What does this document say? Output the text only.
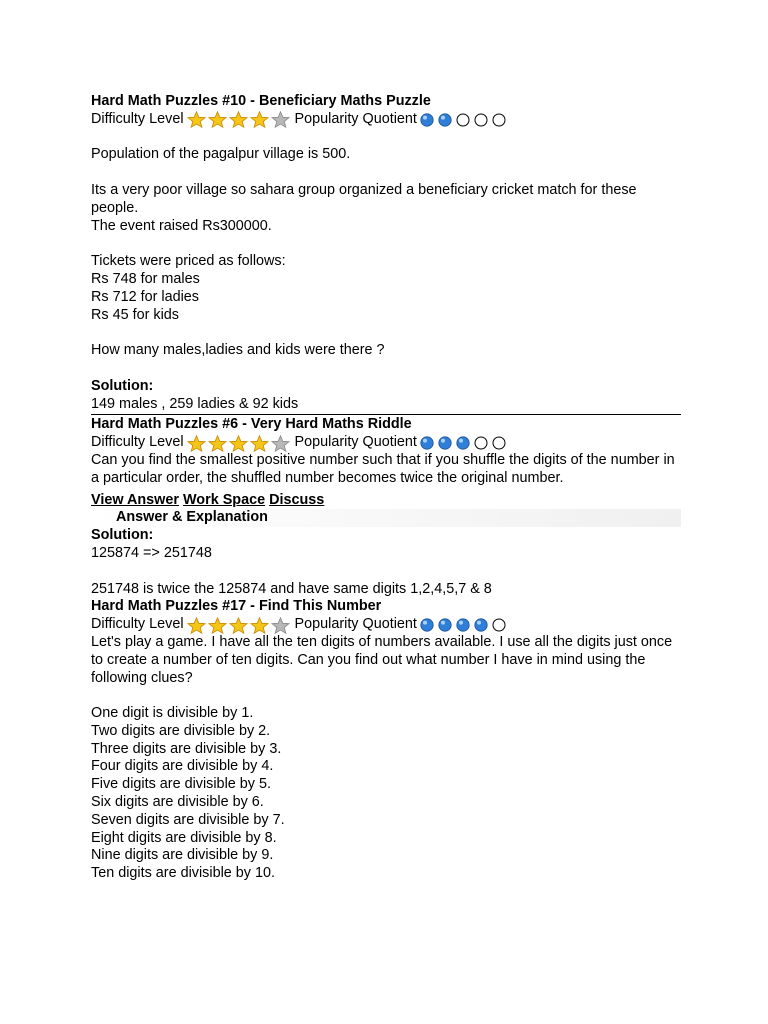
Hard Math Puzzles #10 - Beneficiary Maths Puzzle
Difficulty Level	Popularity Quotient
Population of the pagalpur village is 500.
Its a very poor village so sahara group organized a beneficiary cricket match for these people.
The event raised Rs300000.
Tickets were priced as follows:
Rs 748 for males
Rs 712 for ladies
Rs 45 for kids
How many males,ladies and kids were there ?
Solution:
149 males , 259 ladies & 92 kids
Hard Math Puzzles #6 - Very Hard Maths Riddle
Difficulty Level	Popularity Quotient
Can you find the smallest positive number such that if you shuffle the digits of the number in a particular order, the shuffled number becomes twice the original number.
View Answer Work Space Discuss
Answer & Explanation
Solution:
125874 => 251748
251748 is twice the 125874 and have same digits 1,2,4,5,7 & 8
Hard Math Puzzles #17 - Find This Number
Difficulty Level	Popularity Quotient
Let's play a game. I have all the ten digits of numbers available. I use all the digits just once to create a number of ten digits. Can you find out what number I have in mind using the following clues?
One digit is divisible by 1.
Two digits are divisible by 2.
Three digits are divisible by 3.
Four digits are divisible by 4.
Five digits are divisible by 5.
Six digits are divisible by 6.
Seven digits are divisible by 7.
Eight digits are divisible by 8.
Nine digits are divisible by 9.
Ten digits are divisible by 10.
